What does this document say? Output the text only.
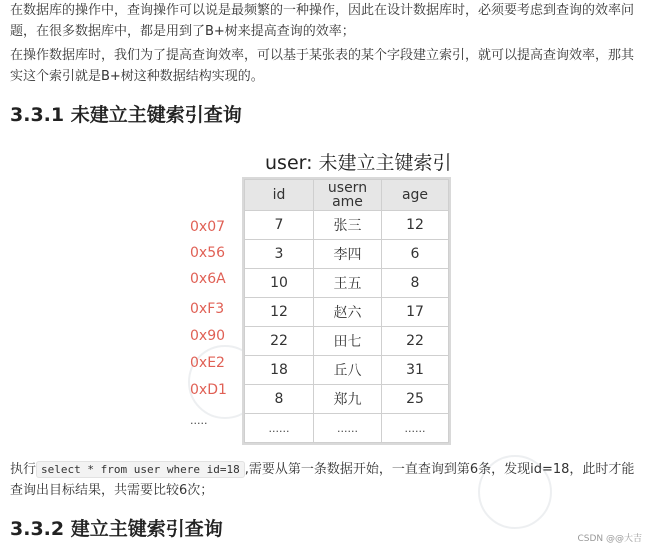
在数据库的操作中，查询操作可以说是最频繁的一种操作，因此在设计数据库时，必须要考虑到查询的效率问题，在很多数据库中，都是用到了B+树来提高查询的效率；
在操作数据库时，我们为了提高查询效率，可以基于某张表的某个字段建立索引，就可以提高查询效率，那其实这个索引就是B+树这种数据结构实现的。
3.3.1 未建立主键索引查询
user: 未建立主键索引
0x07
0x56
0x6A
0xF3
0x90
0xE2
0xD1
.....
id	username	age
7	张三	12
3	李四	6
10	王五	8
12	赵六	17
22	田七	22
18	丘八	31
8	郑九	25
......	......	......
执行 select * from user where id=18 ,需要从第一条数据开始，一直查询到第6条，发现id=18，此时才能查询出目标结果，共需要比较6次；
3.3.2 建立主键索引查询	CSDN @@大吉
